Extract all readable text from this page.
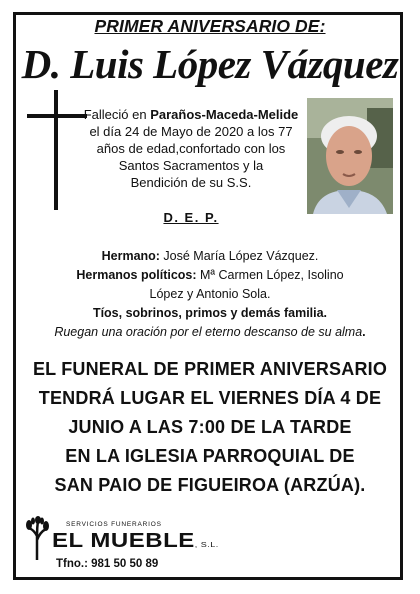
PRIMER ANIVERSARIO DE:
D. Luis López Vázquez
Falleció en Paraños-Maceda-Melide
el día 24 de Mayo de 2020 a los 77
años de edad,confortado con los
Santos Sacramentos y la
Bendición de su S.S.
D. E. P.
Hermano: José María López Vázquez.
Hermanos políticos: Mª Carmen López, Isolino
López y Antonio Sola.
Tíos, sobrinos, primos y demás familia.
Ruegan una oración por el eterno descanso de su alma.
EL FUNERAL DE PRIMER ANIVERSARIO
TENDRÁ LUGAR EL VIERNES DÍA 4 DE
JUNIO A LAS 7:00 DE LA TARDE
EN LA IGLESIA PARROQUIAL DE
SAN PAIO DE FIGUEIROA (ARZÚA).
SERVICIOS FUNERARIOS
EL MUEBLE, S.L.
Tfno.: 981 50 50 89
